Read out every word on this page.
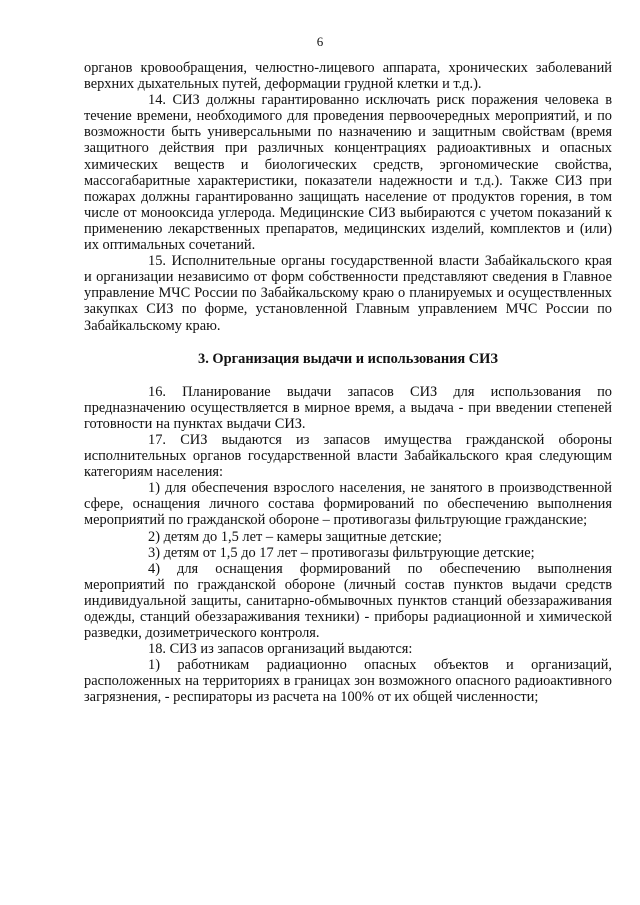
6

органов кровообращения, челюстно-лицевого аппарата, хронических заболеваний верхних дыхательных путей, деформации грудной клетки и т.д.).

14. СИЗ должны гарантированно исключать риск поражения человека в течение времени, необходимого для проведения первоочередных мероприятий, и по возможности быть универсальными по назначению и защитным свойствам (время защитного действия при различных концентрациях радиоактивных и опасных химических веществ и биологических средств, эргономические свойства, массогабаритные характеристики, показатели надежности и т.д.). Также СИЗ при пожарах должны гарантированно защищать население от продуктов горения, в том числе от монооксида углерода. Медицинские СИЗ выбираются с учетом показаний к применению лекарственных препаратов, медицинских изделий, комплектов и (или) их оптимальных сочетаний.

15. Исполнительные органы государственной власти Забайкальского края и организации независимо от форм собственности представляют сведения в Главное управление МЧС России по Забайкальскому краю о планируемых и осуществленных закупках СИЗ по форме, установленной Главным управлением МЧС России по Забайкальскому краю.

3. Организация выдачи и использования СИЗ

16. Планирование выдачи запасов СИЗ для использования по предназначению осуществляется в мирное время, а выдача - при введении степеней готовности на пунктах выдачи СИЗ.

17. СИЗ выдаются из запасов имущества гражданской обороны исполнительных органов государственной власти Забайкальского края следующим категориям населения:

1) для обеспечения взрослого населения, не занятого в производственной сфере, оснащения личного состава формирований по обеспечению выполнения мероприятий по гражданской обороне – противогазы фильтрующие гражданские;

2) детям до 1,5 лет – камеры защитные детские;

3) детям от 1,5 до 17 лет – противогазы фильтрующие детские;

4) для оснащения формирований по обеспечению выполнения мероприятий по гражданской обороне (личный состав пунктов выдачи средств индивидуальной защиты, санитарно-обмывочных пунктов станций обеззараживания одежды, станций обеззараживания техники) - приборы радиационной и химической разведки, дозиметрического контроля.

18. СИЗ из запасов организаций выдаются:

1) работникам радиационно опасных объектов и организаций, расположенных на территориях в границах зон возможного опасного радиоактивного загрязнения, - респираторы из расчета на 100% от их общей численности;
